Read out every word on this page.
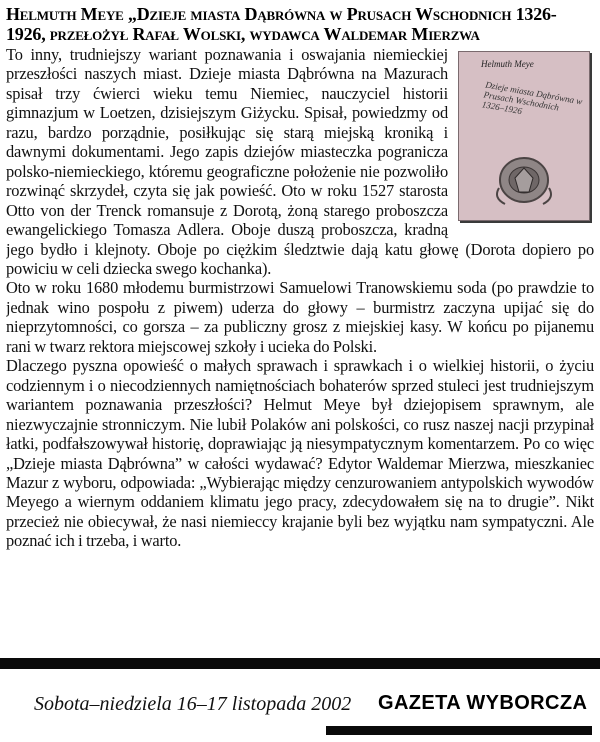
Helmuth Meye „Dzieje miasta Dąbrówna w Prusach Wschodnich 1326-1926, przełożył Rafał Wolski, wydawca Waldemar Mierzwa
Helmuth Meye
Dzieje miasta Dąbrówna w Prusach Wschodnich 1326–1926

To inny, trudniejszy wariant poznawania i oswajania niemieckiej przeszłości naszych miast. Dzieje miasta Dąbrówna na Mazurach spisał trzy ćwierci wieku temu Niemiec, nauczyciel historii gimnazjum w Loetzen, dzisiejszym Giżycku. Spisał, powiedzmy od razu, bardzo porządnie, posiłkując się starą miejską kroniką i dawnymi dokumentami. Jego zapis dziejów miasteczka pogranicza polsko-niemieckiego, któremu geograficzne położenie nie pozwoliło rozwinąć skrzydeł, czyta się jak powieść. Oto w roku 1527 starosta Otto von der Trenck romansuje z Dorotą, żoną starego proboszcza ewangelickiego Tomasza Adlera. Oboje duszą proboszcza, kradną jego bydło i klejnoty. Oboje po ciężkim śledztwie dają katu głowę (Dorota dopiero po powiciu w celi dziecka swego kochanka).

Oto w roku 1680 młodemu burmistrzowi Samuelowi Tranowskiemu soda (po prawdzie to jednak wino pospołu z piwem) uderza do głowy – burmistrz zaczyna upijać się do nieprzytomności, co gorsza – za publiczny grosz z miejskiej kasy. W końcu po pijanemu rani w twarz rektora miejscowej szkoły i ucieka do Polski.

Dlaczego pyszna opowieść o małych sprawach i sprawkach i o wielkiej historii, o życiu codziennym i o niecodziennych namiętnościach bohaterów sprzed stuleci jest trudniejszym wariantem poznawania przeszłości? Helmut Meye był dziejopisem sprawnym, ale niezwyczajnie stronniczym. Nie lubił Polaków ani polskości, co rusz naszej nacji przypinał łatki, podfałszowywał historię, doprawiając ją niesympatycznym komentarzem. Po co więc „Dzieje miasta Dąbrówna” w całości wydawać? Edytor Waldemar Mierzwa, mieszkaniec Mazur z wyboru, odpowiada: „Wybierając między cenzurowaniem antypolskich wywodów Meyego a wiernym oddaniem klimatu jego pracy, zdecydowałem się na to drugie”. Nikt przecież nie obiecywał, że nasi niemieccy krajanie byli bez wyjątku nam sympatyczni. Ale poznać ich i trzeba, i warto.

Sobota–niedziela 16–17 listopada 2002 GAZETA WYBORCZA
